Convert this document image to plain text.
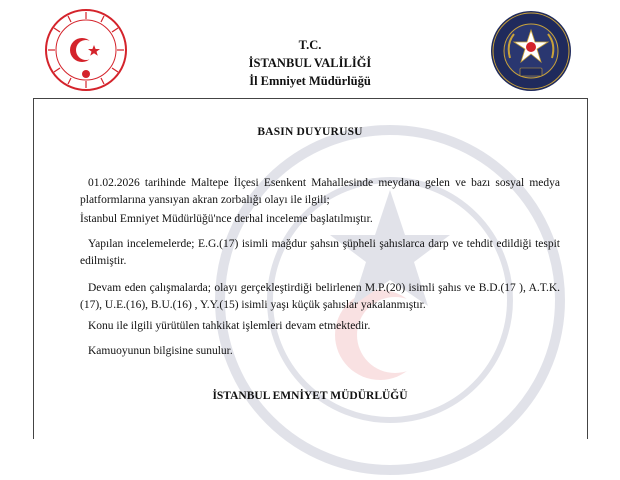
T.C.
İSTANBUL VALİLİĞİ
İl Emniyet Müdürlüğü
BASIN DUYURUSU

01.02.2026 tarihinde Maltepe İlçesi Esenkent Mahallesinde meydana gelen ve bazı sosyal medya platformlarına yansıyan akran zorbalığı olayı ile ilgili;

İstanbul Emniyet Müdürlüğü'nce derhal inceleme başlatılmıştır.

Yapılan incelemelerde; E.G.(17) isimli mağdur şahsın şüpheli şahıslarca darp ve tehdit edildiği tespit edilmiştir.

Devam eden çalışmalarda; olayı gerçekleştirdiği belirlenen M.P.(20) isimli şahıs ve B.D.(17 ), A.T.K.(17), U.E.(16), B.U.(16) , Y.Y.(15) isimli yaşı küçük şahıslar yakalanmıştır.

Konu ile ilgili yürütülen tahkikat işlemleri devam etmektedir.

Kamuoyunun bilgisine sunulur.

İSTANBUL EMNİYET MÜDÜRLÜĞÜ
